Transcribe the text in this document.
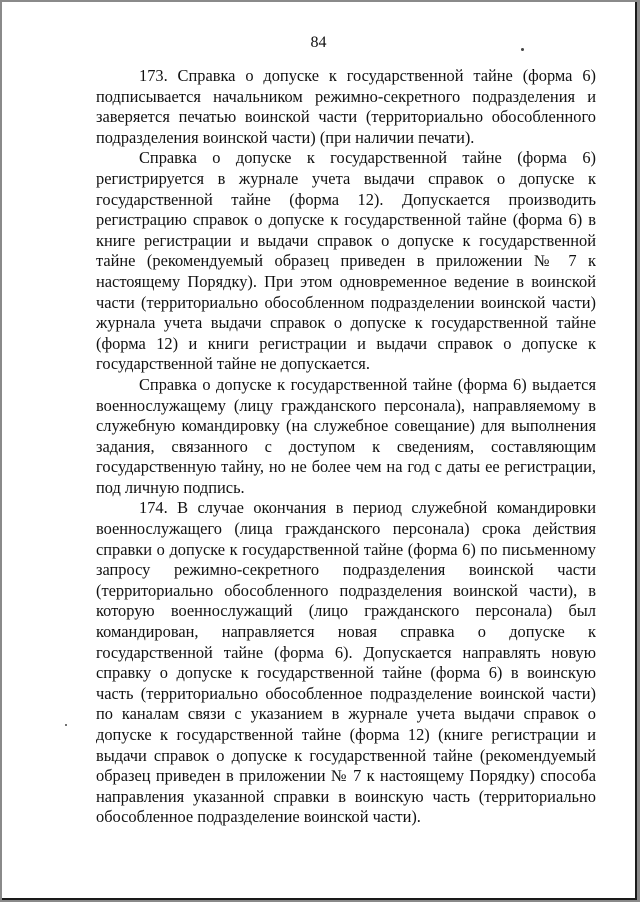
84

173. Справка о допуске к государственной тайне (форма 6) подписывается начальником режимно-секретного подразделения и заверяется печатью воинской части (территориально обособленного подразделения воинской части) (при наличии печати).

Справка о допуске к государственной тайне (форма 6) регистрируется в журнале учета выдачи справок о допуске к государственной тайне (форма 12). Допускается производить регистрацию справок о допуске к государственной тайне (форма 6) в книге регистрации и выдачи справок о допуске к государственной тайне (рекомендуемый образец приведен в приложении № 7 к настоящему Порядку). При этом одновременное ведение в воинской части (территориально обособленном подразделении воинской части) журнала учета выдачи справок о допуске к государственной тайне (форма 12) и книги регистрации и выдачи справок о допуске к государственной тайне не допускается.

Справка о допуске к государственной тайне (форма 6) выдается военнослужащему (лицу гражданского персонала), направляемому в служебную командировку (на служебное совещание) для выполнения задания, связанного с доступом к сведениям, составляющим государственную тайну, но не более чем на год с даты ее регистрации, под личную подпись.

174. В случае окончания в период служебной командировки военнослужащего (лица гражданского персонала) срока действия справки о допуске к государственной тайне (форма 6) по письменному запросу режимно-секретного подразделения воинской части (территориально обособленного подразделения воинской части), в которую военнослужащий (лицо гражданского персонала) был командирован, направляется новая справка о допуске к государственной тайне (форма 6). Допускается направлять новую справку о допуске к государственной тайне (форма 6) в воинскую часть (территориально обособленное подразделение воинской части) по каналам связи с указанием в журнале учета выдачи справок о допуске к государственной тайне (форма 12) (книге регистрации и выдачи справок о допуске к государственной тайне (рекомендуемый образец приведен в приложении № 7 к настоящему Порядку) способа направления указанной справки в воинскую часть (территориально обособленное подразделение воинской части).
